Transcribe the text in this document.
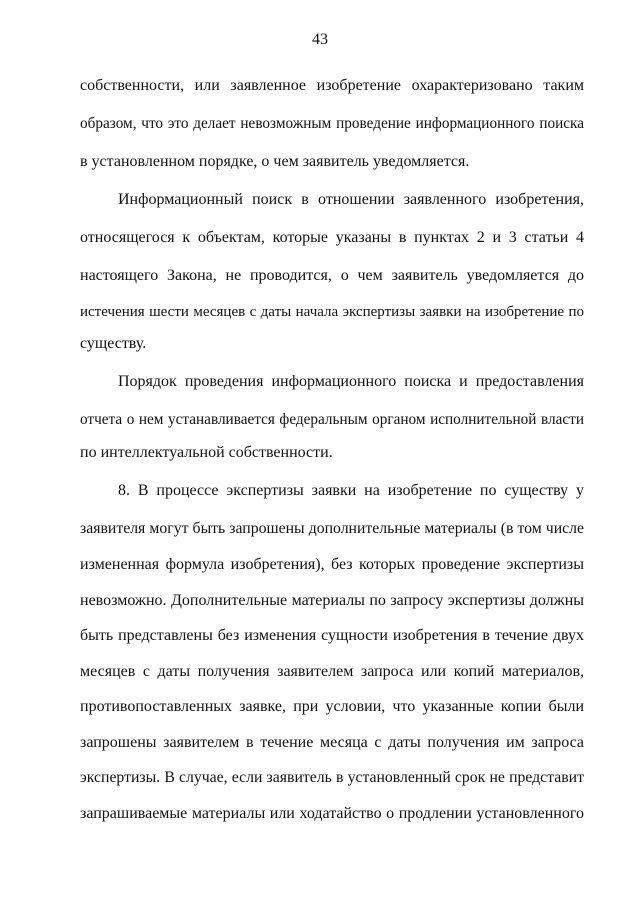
43
собственности, или заявленное изобретение охарактеризовано таким
образом, что это делает невозможным проведение информационного поиска
в установленном порядке, о чем заявитель уведомляется.
Информационный поиск в отношении заявленного изобретения,
относящегося к объектам, которые указаны в пунктах 2 и 3 статьи 4
настоящего Закона, не проводится, о чем заявитель уведомляется до
истечения шести месяцев с даты начала экспертизы заявки на изобретение по
существу.
Порядок проведения информационного поиска и предоставления
отчета о нем устанавливается федеральным органом исполнительной власти
по интеллектуальной собственности.
8. В процессе экспертизы заявки на изобретение по существу у
заявителя могут быть запрошены дополнительные материалы (в том числе
измененная формула изобретения), без которых проведение экспертизы
невозможно. Дополнительные материалы по запросу экспертизы должны
быть представлены без изменения сущности изобретения в течение двух
месяцев с даты получения заявителем запроса или копий материалов,
противопоставленных заявке, при условии, что указанные копии были
запрошены заявителем в течение месяца с даты получения им запроса
экспертизы. В случае, если заявитель в установленный срок не представит
запрашиваемые материалы или ходатайство о продлении установленного
